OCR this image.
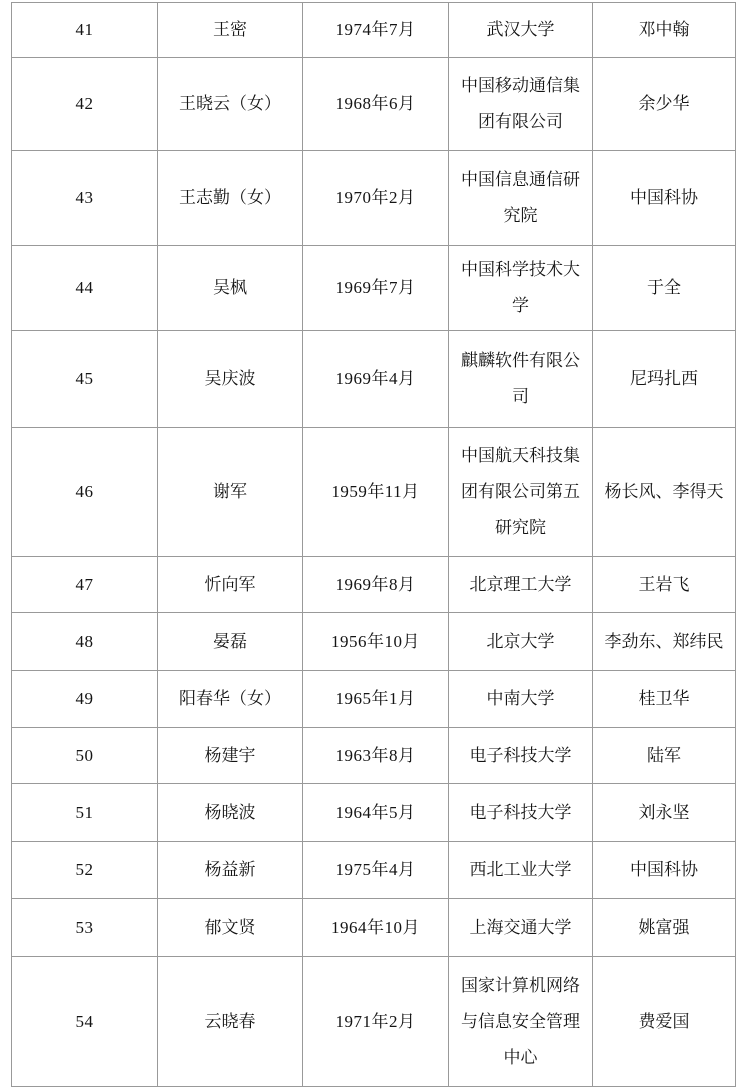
41	王密	1974年7月	武汉大学	邓中翰
42	王晓云（女）	1968年6月	中国移动通信集团有限公司	余少华
43	王志勤（女）	1970年2月	中国信息通信研究院	中国科协
44	吴枫	1969年7月	中国科学技术大学	于全
45	吴庆波	1969年4月	麒麟软件有限公司	尼玛扎西
46	谢军	1959年11月	中国航天科技集团有限公司第五研究院	杨长风、李得天
47	忻向军	1969年8月	北京理工大学	王岩飞
48	晏磊	1956年10月	北京大学	李劲东、郑纬民
49	阳春华（女）	1965年1月	中南大学	桂卫华
50	杨建宇	1963年8月	电子科技大学	陆军
51	杨晓波	1964年5月	电子科技大学	刘永坚
52	杨益新	1975年4月	西北工业大学	中国科协
53	郁文贤	1964年10月	上海交通大学	姚富强
54	云晓春	1971年2月	国家计算机网络与信息安全管理中心	费爱国
